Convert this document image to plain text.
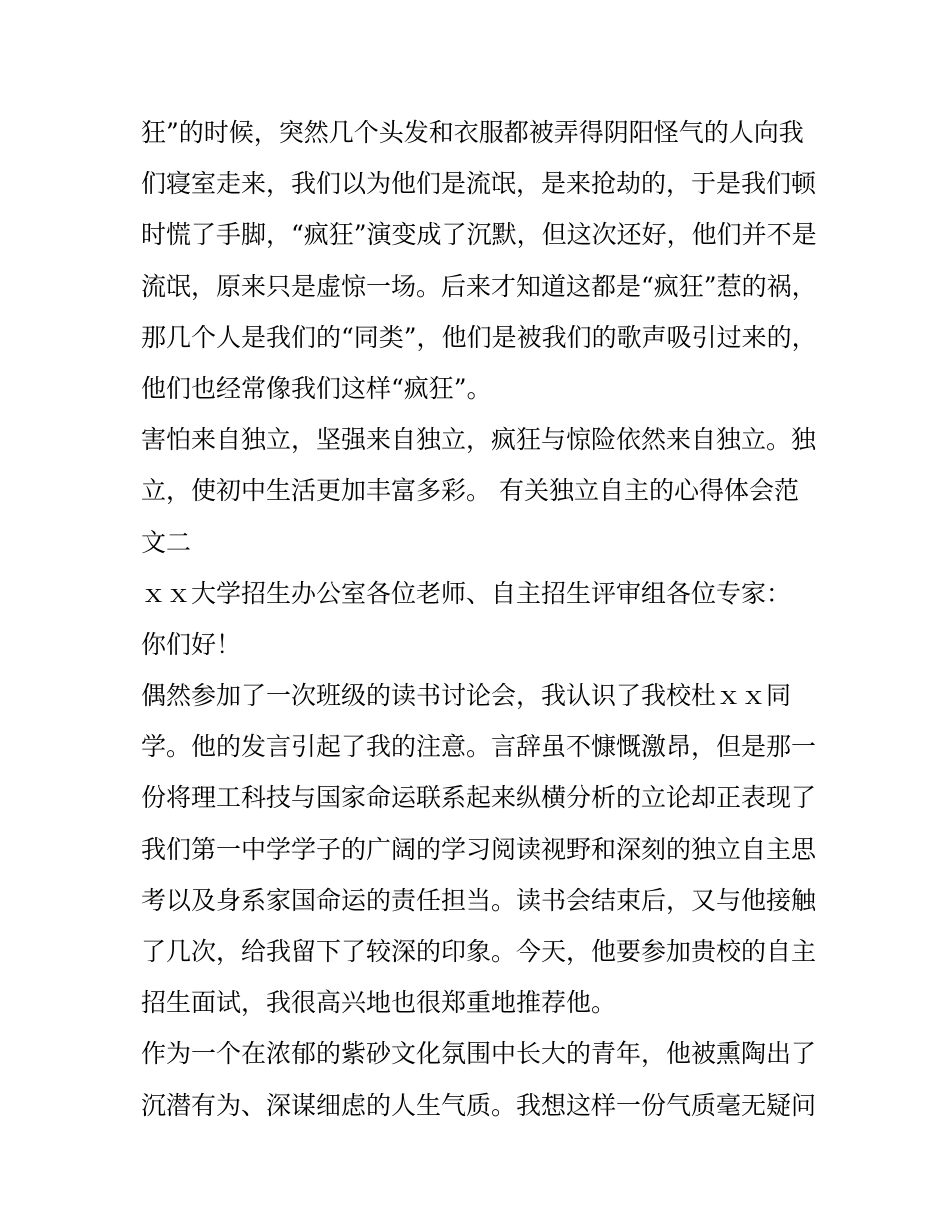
狂”的时候，突然几个头发和衣服都被弄得阴阳怪气的人向我
们寝室走来，我们以为他们是流氓，是来抢劫的，于是我们顿
时慌了手脚，“疯狂”演变成了沉默，但这次还好，他们并不是
流氓，原来只是虚惊一场。后来才知道这都是“疯狂”惹的祸，
那几个人是我们的“同类”，他们是被我们的歌声吸引过来的，
他们也经常像我们这样“疯狂”。
害怕来自独立，坚强来自独立，疯狂与惊险依然来自独立。独
立，使初中生活更加丰富多彩。 有关独立自主的心得体会范
文二
ｘｘ大学招生办公室各位老师、自主招生评审组各位专家：
你们好！
偶然参加了一次班级的读书讨论会，我认识了我校杜ｘｘ同
学。他的发言引起了我的注意。言辞虽不慷慨激昂，但是那一
份将理工科技与国家命运联系起来纵横分析的立论却正表现了
我们第一中学学子的广阔的学习阅读视野和深刻的独立自主思
考以及身系家国命运的责任担当。读书会结束后，又与他接触
了几次，给我留下了较深的印象。今天，他要参加贵校的自主
招生面试，我很高兴地也很郑重地推荐他。
作为一个在浓郁的紫砂文化氛围中长大的青年，他被熏陶出了
沉潜有为、深谋细虑的人生气质。我想这样一份气质毫无疑问
